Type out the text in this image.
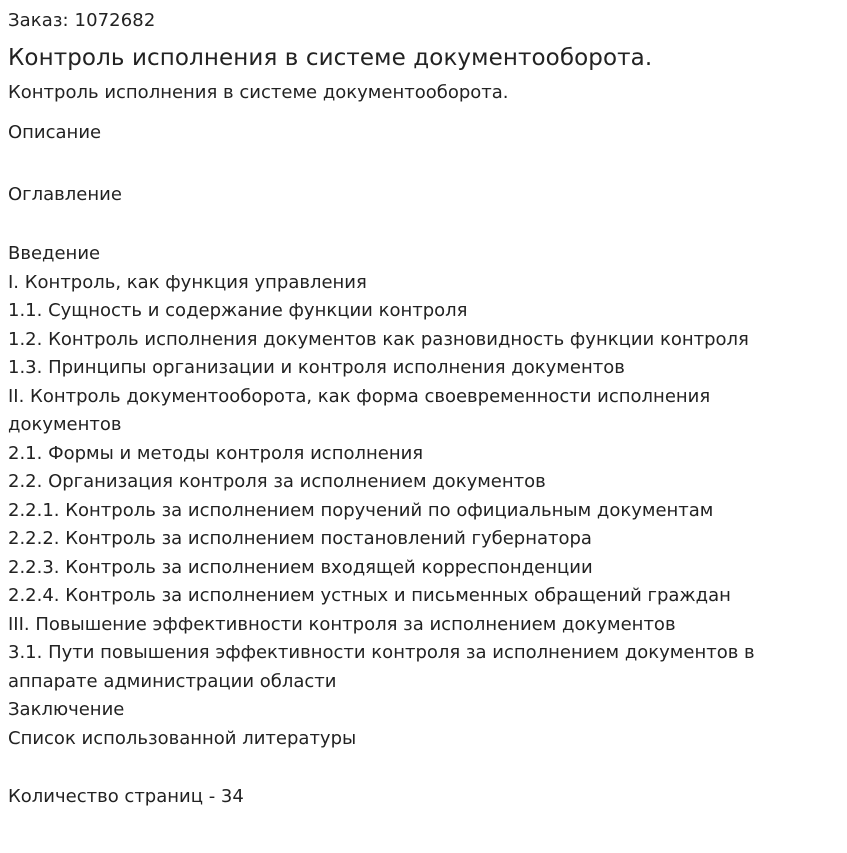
Заказ: 1072682
Контроль исполнения в системе документооборота.
Контроль исполнения в системе документооборота.
Описание
Оглавление
Введение
I. Контроль, как функция управления
1.1. Сущность и содержание функции контроля
1.2. Контроль исполнения документов как разновидность функции контроля
1.3. Принципы организации и контроля исполнения документов
II. Контроль документооборота, как форма своевременности исполнения документов
2.1. Формы и методы контроля исполнения
2.2. Организация контроля за исполнением документов
2.2.1. Контроль за исполнением поручений по официальным документам
2.2.2. Контроль за исполнением постановлений губернатора
2.2.3. Контроль за исполнением входящей корреспонденции
2.2.4. Контроль за исполнением устных и письменных обращений граждан
III. Повышение эффективности контроля за исполнением документов
3.1. Пути повышения эффективности контроля за исполнением документов в аппарате администрации области
Заключение
Список использованной литературы
Количество страниц - 34
